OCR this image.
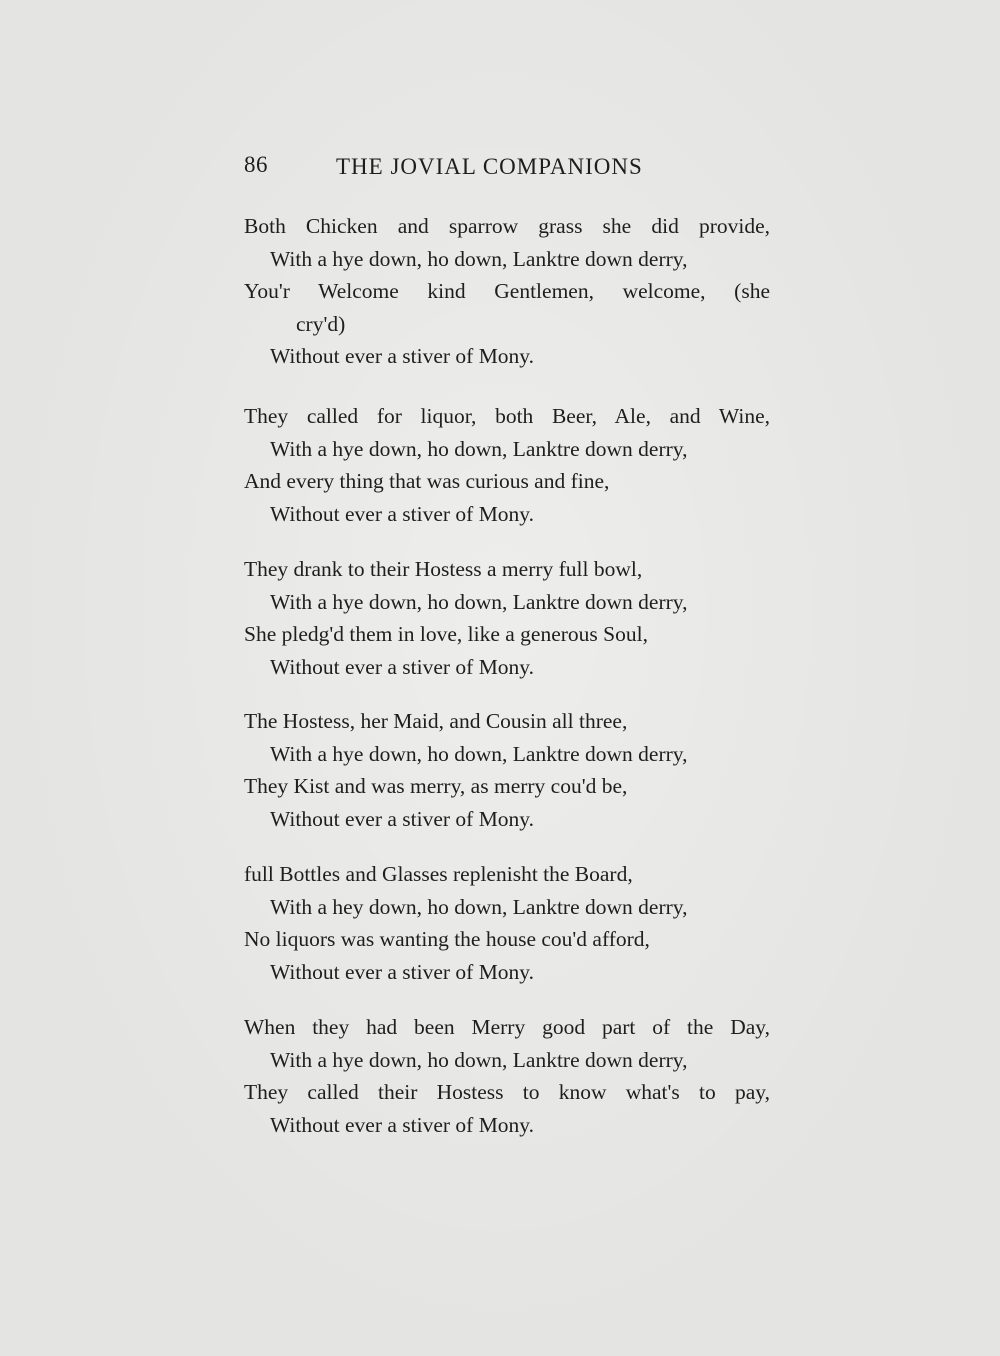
86	THE JOVIAL COMPANIONS
Both Chicken and sparrow grass she did provide,
With a hye down, ho down, Lanktre down derry,
You'r Welcome kind Gentlemen, welcome, (she
cry'd)
Without ever a stiver of Mony.
They called for liquor, both Beer, Ale, and Wine,
With a hye down, ho down, Lanktre down derry,
And every thing that was curious and fine,
Without ever a stiver of Mony.
They drank to their Hostess a merry full bowl,
With a hye down, ho down, Lanktre down derry,
She pledg'd them in love, like a generous Soul,
Without ever a stiver of Mony.
The Hostess, her Maid, and Cousin all three,
With a hye down, ho down, Lanktre down derry,
They Kist and was merry, as merry cou'd be,
Without ever a stiver of Mony.
full Bottles and Glasses replenisht the Board,
With a hey down, ho down, Lanktre down derry,
No liquors was wanting the house cou'd afford,
Without ever a stiver of Mony.
When they had been Merry good part of the Day,
With a hye down, ho down, Lanktre down derry,
They called their Hostess to know what's to pay,
Without ever a stiver of Mony.
